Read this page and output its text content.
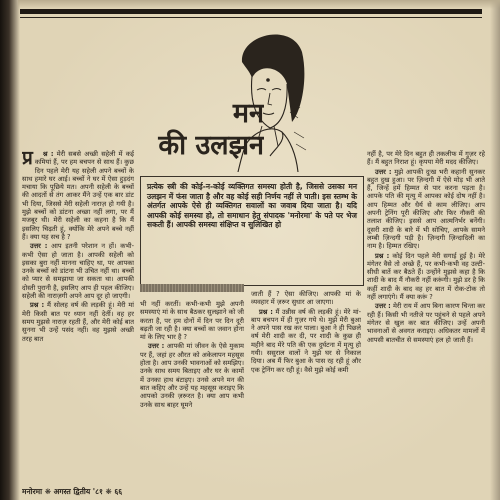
मन
की उलझन
प्रत्येक स्त्री की कोई-न-कोई व्यक्तिगत समस्या होती है, जिससे उसका मन उलझन में फंस जाता है और वह कोई सही निर्णय नहीं ले पाती। इस स्तम्भ के अंतर्गत आपके ऐसे ही व्यक्तिगत सवालों का जवाब दिया जाता है। यदि आपकी कोई समस्या हो, तो समाधान हेतु संपादक 'मनोरमा' के पते पर भेज सकती हैं। आपकी समस्या संक्षिप्त व सुलिखित हो

प्र श्न : मेरी सबसे अच्छी सहेली में कई कमियां हैं, पर हम बचपन से साथ हैं। कुछ दिन पहले मेरी यह सहेली अपने बच्चों के साथ हमारे घर आई। बच्चों ने घर में ऐसा हुड़दंग मचाया कि पूछिये मत। अपनी सहेली के बच्चों की आदतों से तंग आकर मैंने उन्हें एक बार डांट भी दिया, जिससे मेरी सहेली नाराज़ हो गयी है। मुझे बच्चों को डांटना अच्छा नहीं लगा, पर मैं मजबूर थी। मेरी सहेली का कहना है कि मैं इसलिए चिढ़ती हूं, क्योंकि मेरे अपने बच्चे नहीं हैं। क्या यह सच है ?

उत्तर : आप इतनी परेशान न हों। कभी-कभी ऐसा हो जाता है। आपकी सहेली को इसका बुरा नहीं मानना चाहिए था, पर आपका उनके बच्चों को डांटना भी उचित नहीं था। बच्चों को प्यार से समझाया जा सकता था। आपकी दोस्ती पुरानी है, इसलिए आप ही पहल कीजिए। सहेली की नाराज़गी अपने आप दूर हो जाएगी।

प्रश्न : मैं सोलह वर्ष की लड़की हूं। मेरी मां मेरी किसी बात पर ध्यान नहीं देतीं। वह हर समय मुझसे नाराज़ रहती हैं, और मेरी कोई बात सुनना भी उन्हें पसंद नहीं। वह मुझसे अच्छी तरह बात

भी नहीं करतीं। कभी-कभी मुझे अपनी समस्याएं मां के साथ बैठकर सुलझाने को जी करता है, पर हम दोनों में दिन पर दिन दूरी बढ़ती जा रही है। क्या बच्चों का जवान होना मां के लिए भार है ?

उत्तर : आपकी मां जीवन के ऐसे मुकाम पर हैं, जहां हर औरत को अकेलापन महसूस होता है। आप उनकी भावनाओं को समझिए। उनके साथ समय बिताइए और घर के कामों में उनका हाथ बंटाइए। उनसे अपने मन की बात कहिए और उन्हें यह महसूस कराइए कि आपको उनकी ज़रूरत है। क्या आप कभी उनके साथ बाहर घूमने

जाती हैं ? ऐसा कीजिए। आपकी मां के व्यवहार में ज़रूर सुधार आ जाएगा।

प्रश्न : मैं उन्नीस वर्ष की लड़की हूं। मेरे मां-बाप बचपन में ही गुज़र गये थे। मुझे मेरी बुआ ने अपने पास रख कर पाला। बुआ ने ही पिछले वर्ष मेरी शादी कर दी, पर शादी के कुछ ही महीने बाद मेरे पति की एक दुर्घटना में मृत्यु हो गयी। ससुराल वालों ने मुझे घर से निकाल दिया। अब मैं फिर बुआ के पास रह रही हूं और एक ट्रेनिंग कर रही हूं। वैसे मुझे कोई कमी

नहीं है, पर मेरे दिन बहुत ही तकलीफ में गुज़र रहे हैं। मैं बहुत निराश हूं। कृपया मेरी मदद कीजिए।

उत्तर : मुझे आपकी दुःख भरी कहानी सुनकर बहुत दुख हुआ। पर ज़िन्दगी में ऐसे मोड़ भी आते हैं, जिन्हें हमें हिम्मत से पार करना पड़ता है। आपके पति की मृत्यु में आपका कोई दोष नहीं है। आप हिम्मत और धैर्य से काम लीजिए। आप अपनी ट्रेनिंग पूरी कीजिए और फिर नौकरी की तलाश कीजिए। इससे आप आत्मनिर्भर बनेंगी। दूसरी शादी के बारे में भी सोचिए, आपके सामने लम्बी ज़िन्दगी पड़ी है। ज़िन्दगी ज़िन्दादिली का नाम है। हिम्मत रखिए।

प्रश्न : कोई दिन पहले मेरी सगाई हुई है। मेरे मंगेतर वैसे तो अच्छे हैं, पर कभी-कभी वह उल्टी-सीधी बातें कर बैठते हैं। उन्होंने मुझसे कहा है कि शादी के बाद मैं नौकरी नहीं करूंगी। मुझे डर है कि कहीं शादी के बाद वह हर बात में रोक-टोक तो नहीं लगाएंगे। मैं क्या करूं ?

उत्तर : मेरी राय में आप बिना कारण चिन्ता कर रही हैं। किसी भी नतीजे पर पहुंचने से पहले अपने मंगेतर से खुल कर बात कीजिए। उन्हें अपनी भावनाओं से अवगत कराइए। अधिकतर मामलों में आपसी बातचीत से समस्याएं हल हो जाती हैं।

मनोरमा ❋ अगस्त द्वितीय '८१ ❋ ६६
